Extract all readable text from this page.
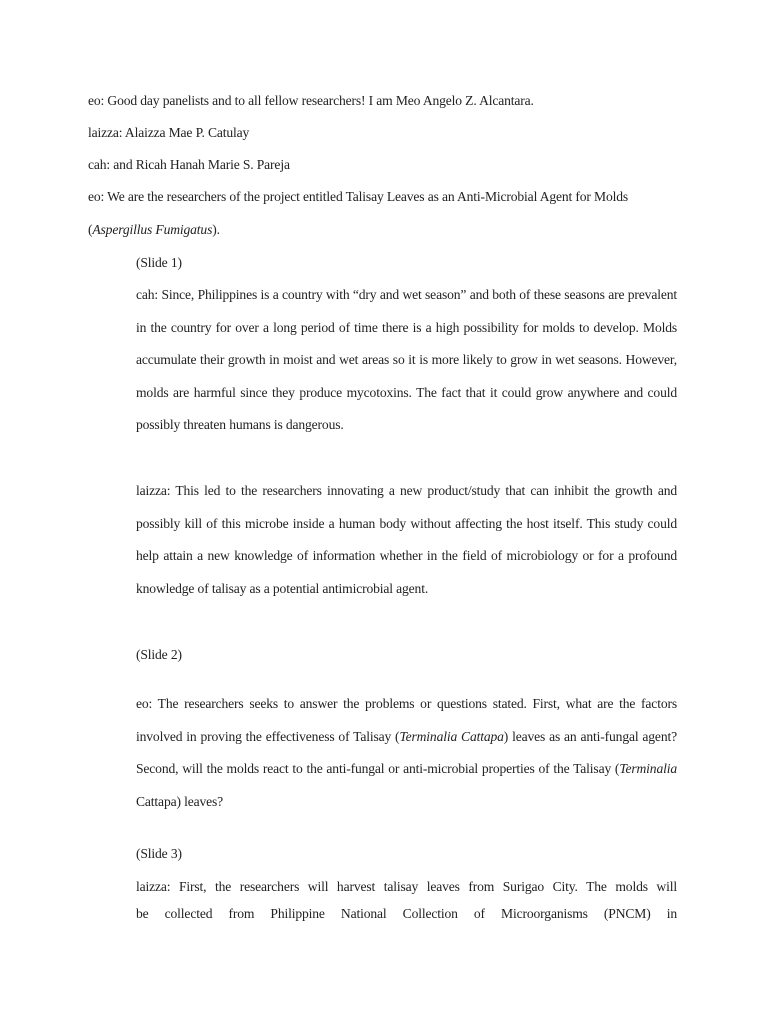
eo: Good day panelists and to all fellow researchers! I am Meo Angelo Z. Alcantara.
laizza: Alaizza Mae P. Catulay
cah: and Ricah Hanah Marie S. Pareja
eo: We are the researchers of the project entitled Talisay Leaves as an Anti-Microbial Agent for Molds
(Aspergillus Fumigatus).
(Slide 1)
cah: Since, Philippines is a country with “dry and wet season” and both of these seasons are prevalent in the country for over a long period of time there is a high possibility for molds to develop. Molds accumulate their growth in moist and wet areas so it is more likely to grow in wet seasons. However, molds are harmful since they produce mycotoxins. The fact that it could grow anywhere and could possibly threaten humans is dangerous.
laizza: This led to the researchers innovating a new product/study that can inhibit the growth and possibly kill of this microbe inside a human body without affecting the host itself. This study could help attain a new knowledge of information whether in the field of microbiology or for a profound knowledge of talisay as a potential antimicrobial agent.
(Slide 2)
eo: The researchers seeks to answer the problems or questions stated. First, what are the factors involved in proving the effectiveness of Talisay (Terminalia Cattapa) leaves as an anti-fungal agent? Second, will the molds react to the anti-fungal or anti-microbial properties of the Talisay (Terminalia Cattapa) leaves?
(Slide 3)
laizza: First, the researchers will harvest talisay leaves from Surigao City. The molds will
be collected from Philippine National Collection of Microorganisms (PNCM) in
